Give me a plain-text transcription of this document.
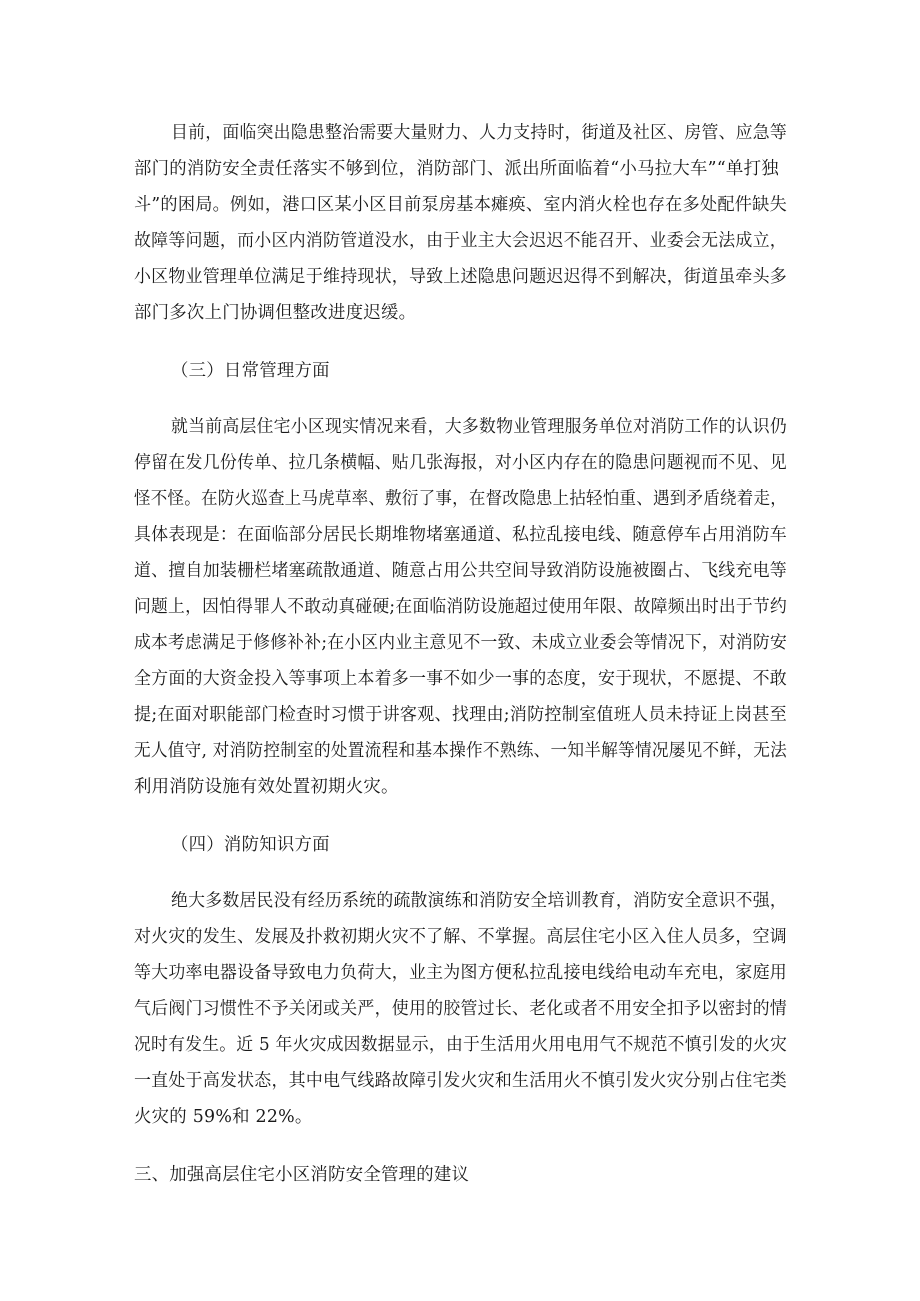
目前，面临突出隐患整治需要大量财力、人力支持时，街道及社区、房管、应急等
部门的消防安全责任落实不够到位，消防部门、派出所面临着“小马拉大车”“单打独
斗”的困局。例如，港口区某小区目前泵房基本瘫痪、室内消火栓也存在多处配件缺失
故障等问题，而小区内消防管道没水，由于业主大会迟迟不能召开、业委会无法成立，
小区物业管理单位满足于维持现状，导致上述隐患问题迟迟得不到解决，街道虽牵头多
部门多次上门协调但整改进度迟缓。
（三）日常管理方面
就当前高层住宅小区现实情况来看，大多数物业管理服务单位对消防工作的认识仍
停留在发几份传单、拉几条横幅、贴几张海报，对小区内存在的隐患问题视而不见、见
怪不怪。在防火巡查上马虎草率、敷衍了事，在督改隐患上拈轻怕重、遇到矛盾绕着走，
具体表现是：在面临部分居民长期堆物堵塞通道、私拉乱接电线、随意停车占用消防车
道、擅自加装栅栏堵塞疏散通道、随意占用公共空间导致消防设施被圈占、飞线充电等
问题上，因怕得罪人不敢动真碰硬;在面临消防设施超过使用年限、故障频出时出于节约
成本考虑满足于修修补补;在小区内业主意见不一致、未成立业委会等情况下，对消防安
全方面的大资金投入等事项上本着多一事不如少一事的态度，安于现状，不愿提、不敢
提;在面对职能部门检查时习惯于讲客观、找理由;消防控制室值班人员未持证上岗甚至
无人值守, 对消防控制室的处置流程和基本操作不熟练、一知半解等情况屡见不鲜，无法
利用消防设施有效处置初期火灾。
（四）消防知识方面
绝大多数居民没有经历系统的疏散演练和消防安全培训教育，消防安全意识不强，
对火灾的发生、发展及扑救初期火灾不了解、不掌握。高层住宅小区入住人员多，空调
等大功率电器设备导致电力负荷大，业主为图方便私拉乱接电线给电动车充电，家庭用
气后阀门习惯性不予关闭或关严，使用的胶管过长、老化或者不用安全扣予以密封的情
况时有发生。近 5 年火灾成因数据显示，由于生活用火用电用气不规范不慎引发的火灾
一直处于高发状态，其中电气线路故障引发火灾和生活用火不慎引发火灾分别占住宅类
火灾的 59%和 22%。
三、加强高层住宅小区消防安全管理的建议
